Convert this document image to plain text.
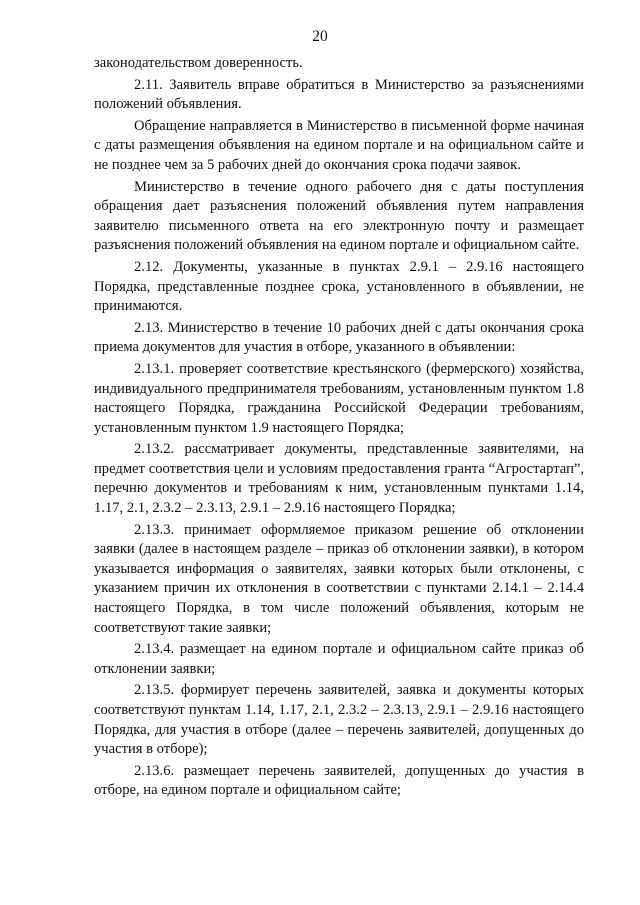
20

законодательством доверенность.

2.11. Заявитель вправе обратиться в Министерство за разъяснениями положений объявления.

Обращение направляется в Министерство в письменной форме начиная с даты размещения объявления на едином портале и на официальном сайте и не позднее чем за 5 рабочих дней до окончания срока подачи заявок.

Министерство в течение одного рабочего дня с даты поступления обращения дает разъяснения положений объявления путем направления заявителю письменного ответа на его электронную почту и размещает разъяснения положений объявления на едином портале и официальном сайте.

2.12. Документы, указанные в пунктах 2.9.1 – 2.9.16 настоящего Порядка, представленные позднее срока, установленного в объявлении, не принимаются.

2.13. Министерство в течение 10 рабочих дней с даты окончания срока приема документов для участия в отборе, указанного в объявлении:

2.13.1. проверяет соответствие крестьянского (фермерского) хозяйства, индивидуального предпринимателя требованиям, установленным пунктом 1.8 настоящего Порядка, гражданина Российской Федерации требованиям, установленным пунктом 1.9 настоящего Порядка;

2.13.2. рассматривает документы, представленные заявителями, на предмет соответствия цели и условиям предоставления гранта “Агростартап”, перечню документов и требованиям к ним, установленным пунктами 1.14, 1.17, 2.1, 2.3.2 – 2.3.13, 2.9.1 – 2.9.16 настоящего Порядка;

2.13.3. принимает оформляемое приказом решение об отклонении заявки (далее в настоящем разделе – приказ об отклонении заявки), в котором указывается информация о заявителях, заявки которых были отклонены, с указанием причин их отклонения в соответствии с пунктами 2.14.1 – 2.14.4 настоящего Порядка, в том числе положений объявления, которым не соответствуют такие заявки;

2.13.4. размещает на едином портале и официальном сайте приказ об отклонении заявки;

2.13.5. формирует перечень заявителей, заявка и документы которых соответствуют пунктам 1.14, 1.17, 2.1, 2.3.2 – 2.3.13, 2.9.1 – 2.9.16 настоящего Порядка, для участия в отборе (далее – перечень заявителей, допущенных до участия в отборе);

2.13.6. размещает перечень заявителей, допущенных до участия в отборе, на едином портале и официальном сайте;
